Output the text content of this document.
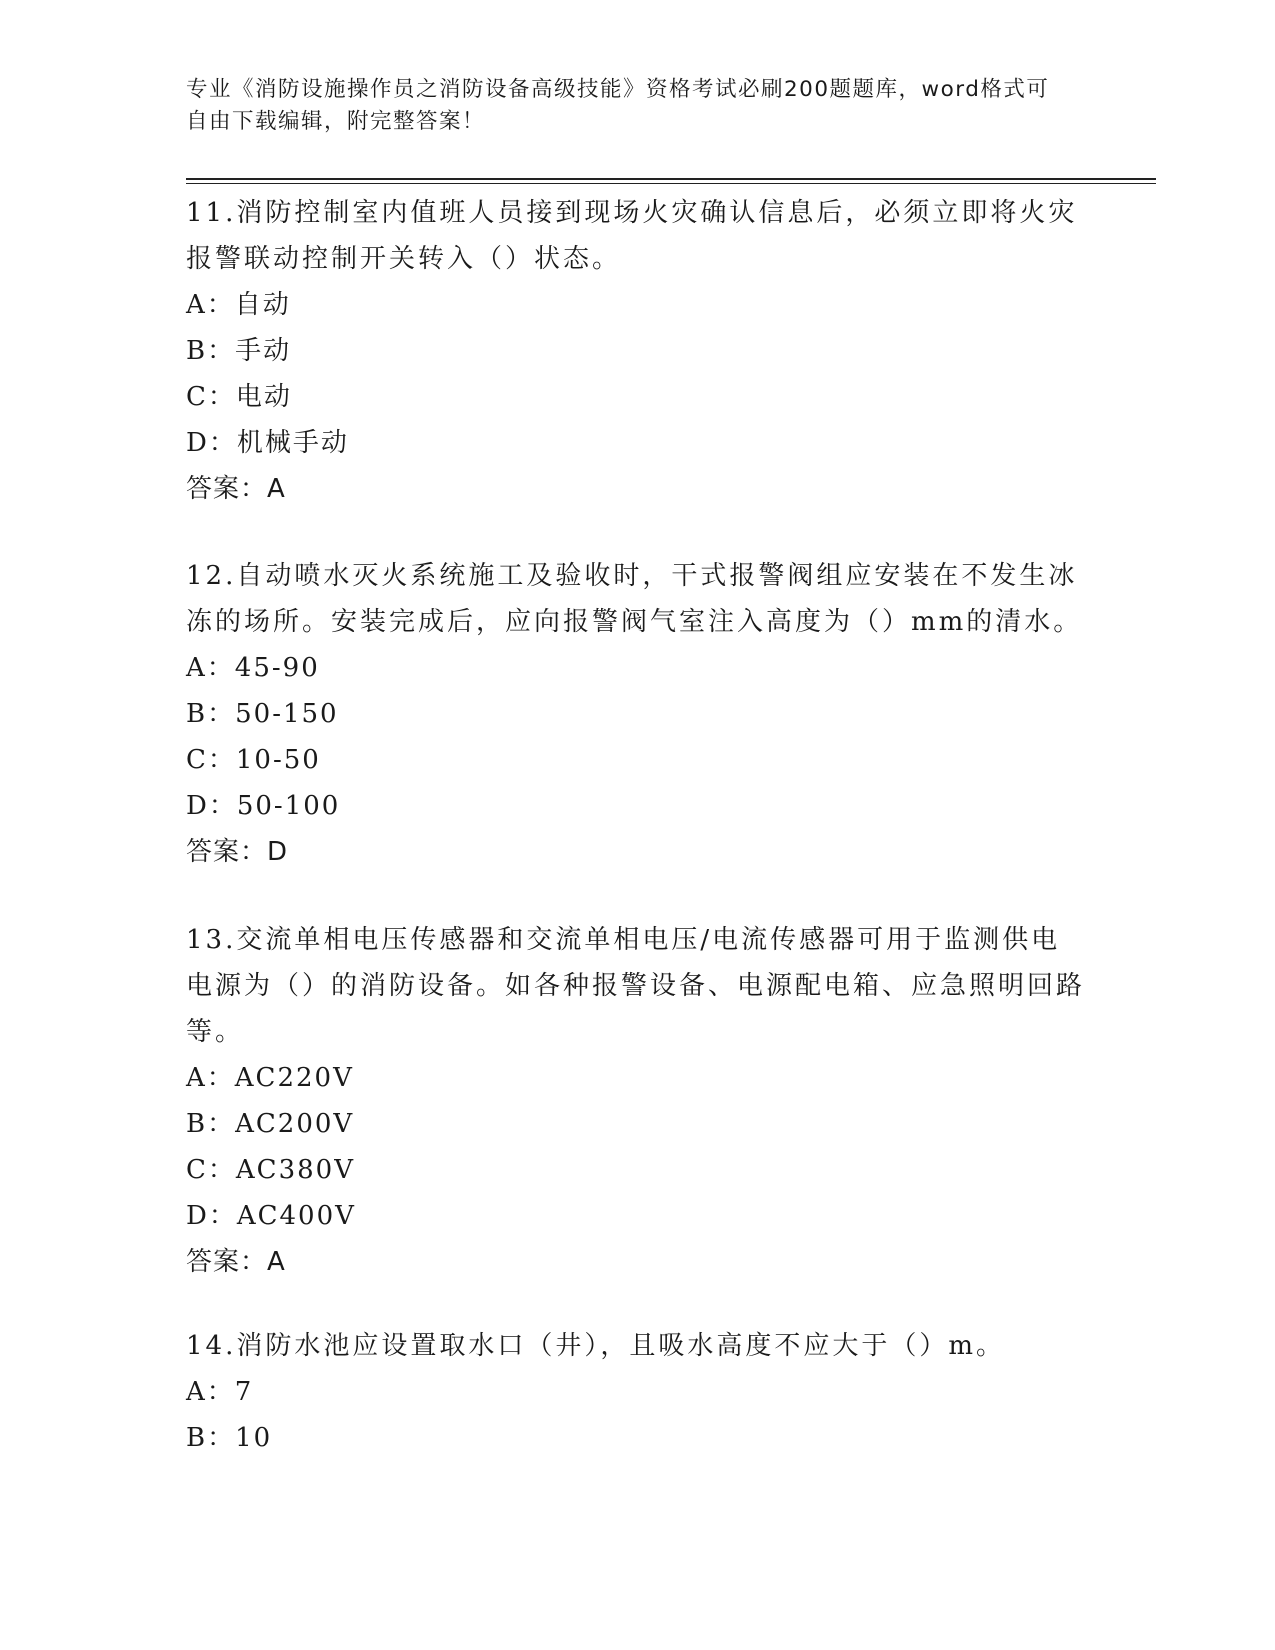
专业《消防设施操作员之消防设备高级技能》资格考试必刷200题题库，word格式可自由下载编辑，附完整答案！
11.消防控制室内值班人员接到现场火灾确认信息后，必须立即将火灾报警联动控制开关转入（）状态。
A：自动
B：手动
C：电动
D：机械手动
答案：A
12.自动喷水灭火系统施工及验收时，干式报警阀组应安装在不发生冰冻的场所。安装完成后，应向报警阀气室注入高度为（）mm的清水。
A：45-90
B：50-150
C：10-50
D：50-100
答案：D
13.交流单相电压传感器和交流单相电压/电流传感器可用于监测供电电源为（）的消防设备。如各种报警设备、电源配电箱、应急照明回路等。
A：AC220V
B：AC200V
C：AC380V
D：AC400V
答案：A
14.消防水池应设置取水口（井），且吸水高度不应大于（）m。
A：7
B：10
